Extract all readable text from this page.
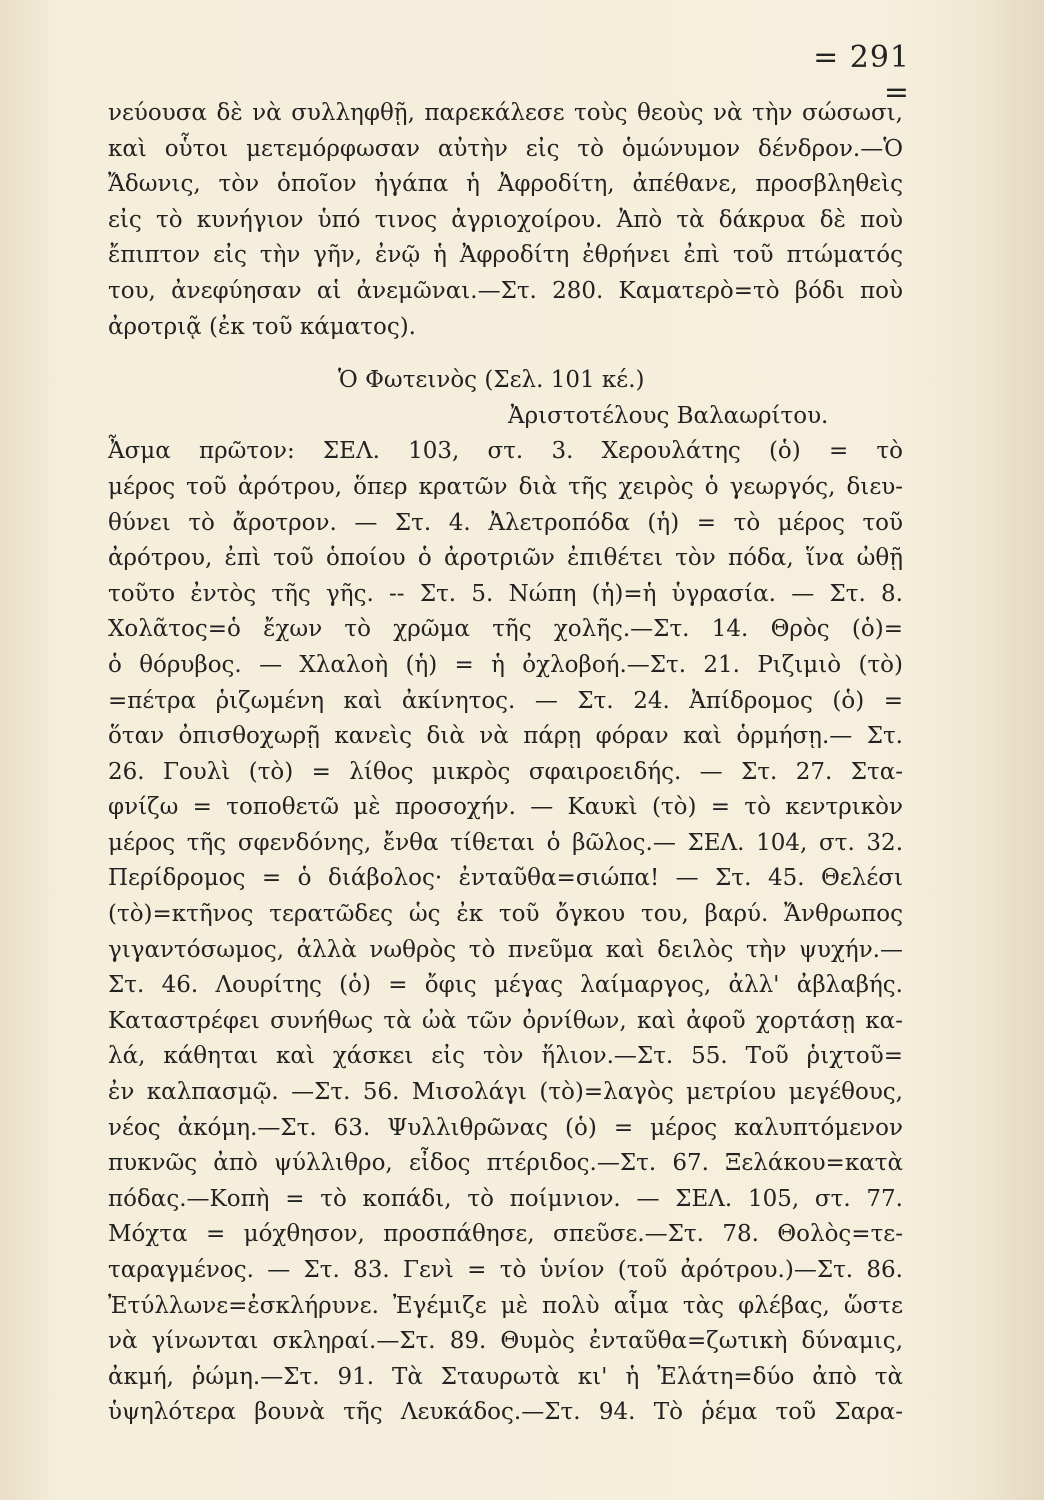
= 291 =
νεύουσα δὲ νὰ συλληφθῇ, παρεκάλεσε τοὺς θεοὺς νὰ τὴν σώσωσι,
καὶ οὗτοι μετεμόρφωσαν αὐτὴν εἰς τὸ ὁμώνυμον δένδρον.—Ὁ
Ἄδωνις, τὸν ὁποῖον ἠγάπα ἡ Ἀφροδίτη, ἀπέθανε, προσβληθεὶς
εἰς τὸ κυνήγιον ὑπό τινος ἀγριοχοίρου. Ἀπὸ τὰ δάκρυα δὲ ποὺ
ἔπιπτον εἰς τὴν γῆν, ἐνῷ ἡ Ἀφροδίτη ἐθρήνει ἐπὶ τοῦ πτώματός
του, ἀνεφύησαν αἱ ἀνεμῶναι.—Στ. 280. Καματερὸ=τὸ βόδι ποὺ
ἀροτριᾷ (ἐκ τοῦ κάματος).
Ὁ Φωτεινὸς (Σελ. 101 κέ.)
Ἀριστοτέλους Βαλαωρίτου.
Ἆσμα πρῶτον: ΣΕΛ. 103, στ. 3. Χερουλάτης (ὁ) = τὸ
μέρος τοῦ ἀρότρου, ὅπερ κρατῶν διὰ τῆς χειρὸς ὁ γεωργός, διευ-
θύνει τὸ ἄροτρον. — Στ. 4. Ἀλετροπόδα (ἡ) = τὸ μέρος τοῦ
ἀρότρου, ἐπὶ τοῦ ὁποίου ὁ ἀροτριῶν ἐπιθέτει τὸν πόδα, ἵνα ὠθῇ
τοῦτο ἐντὸς τῆς γῆς. -- Στ. 5. Νώπη (ἡ)=ἡ ὑγρασία. — Στ. 8.
Χολᾶτος=ὁ ἔχων τὸ χρῶμα τῆς χολῆς.—Στ. 14. Θρὸς (ὁ)=
ὁ θόρυβος. — Χλαλοὴ (ἡ) = ἡ ὀχλοβοή.—Στ. 21. Ριζιμιὸ (τὸ)
=πέτρα ῥιζωμένη καὶ ἀκίνητος. — Στ. 24. Ἀπίδρομος (ὁ) =
ὅταν ὀπισθοχωρῇ κανεὶς διὰ νὰ πάρῃ φόραν καὶ ὁρμήσῃ.— Στ.
26. Γουλὶ (τὸ) = λίθος μικρὸς σφαιροειδής. — Στ. 27. Στα-
φνίζω = τοποθετῶ μὲ προσοχήν. — Καυκὶ (τὸ) = τὸ κεντρικὸν
μέρος τῆς σφενδόνης, ἔνθα τίθεται ὁ βῶλος.— ΣΕΛ. 104, στ. 32.
Περίδρομος = ὁ διάβολος· ἐνταῦθα=σιώπα! — Στ. 45. Θελέσι
(τὸ)=κτῆνος τερατῶδες ὡς ἐκ τοῦ ὄγκου του, βαρύ. Ἄνθρωπος
γιγαντόσωμος, ἀλλὰ νωθρὸς τὸ πνεῦμα καὶ δειλὸς τὴν ψυχήν.—
Στ. 46. Λουρίτης (ὁ) = ὄφις μέγας λαίμαργος, ἀλλ' ἀβλαβής.
Καταστρέφει συνήθως τὰ ὠὰ τῶν ὀρνίθων, καὶ ἀφοῦ χορτάσῃ κα-
λά, κάθηται καὶ χάσκει εἰς τὸν ἥλιον.—Στ. 55. Τοῦ ῥιχτοῦ=
ἐν καλπασμῷ. —Στ. 56. Μισολάγι (τὸ)=λαγὸς μετρίου μεγέθους,
νέος ἀκόμη.—Στ. 63. Ψυλλιθρῶνας (ὁ) = μέρος καλυπτόμενον
πυκνῶς ἀπὸ ψύλλιθρο, εἶδος πτέριδος.—Στ. 67. Ξελάκου=κατὰ
πόδας.—Κοπὴ = τὸ κοπάδι, τὸ ποίμνιον. — ΣΕΛ. 105, στ. 77.
Μόχτα = μόχθησον, προσπάθησε, σπεῦσε.—Στ. 78. Θολὸς=τε-
ταραγμένος. — Στ. 83. Γενὶ = τὸ ὑνίον (τοῦ ἀρότρου.)—Στ. 86.
Ἐτύλλωνε=ἐσκλήρυνε. Ἐγέμιζε μὲ πολὺ αἷμα τὰς φλέβας, ὥστε
νὰ γίνωνται σκληραί.—Στ. 89. Θυμὸς ἐνταῦθα=ζωτικὴ δύναμις,
ἀκμή, ῥώμη.—Στ. 91. Τὰ Σταυρωτὰ κι' ἡ Ἐλάτη=δύο ἀπὸ τὰ
ὑψηλότερα βουνὰ τῆς Λευκάδος.—Στ. 94. Τὸ ῥέμα τοῦ Σαρα-
